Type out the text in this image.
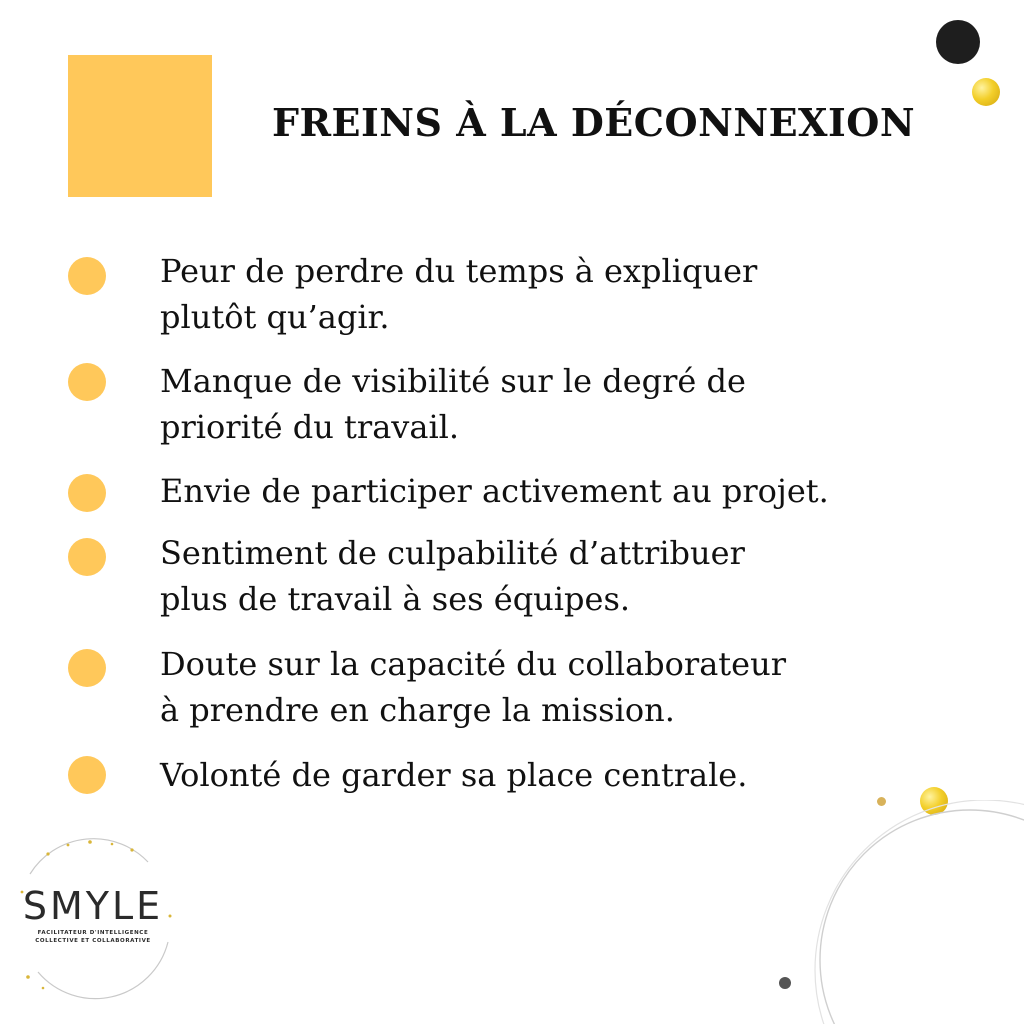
FREINS À LA DÉCONNEXION
Peur de perdre du temps à expliquer
plutôt qu’agir.
Manque de visibilité sur le degré de
priorité du travail.
Envie de participer activement au projet.
Sentiment de culpabilité d’attribuer
plus de travail à ses équipes.
Doute sur la capacité du collaborateur
à prendre en charge la mission.
Volonté de garder sa place centrale.
SMYLE
FACILITATEUR D'INTELLIGENCE
COLLECTIVE ET COLLABORATIVE
